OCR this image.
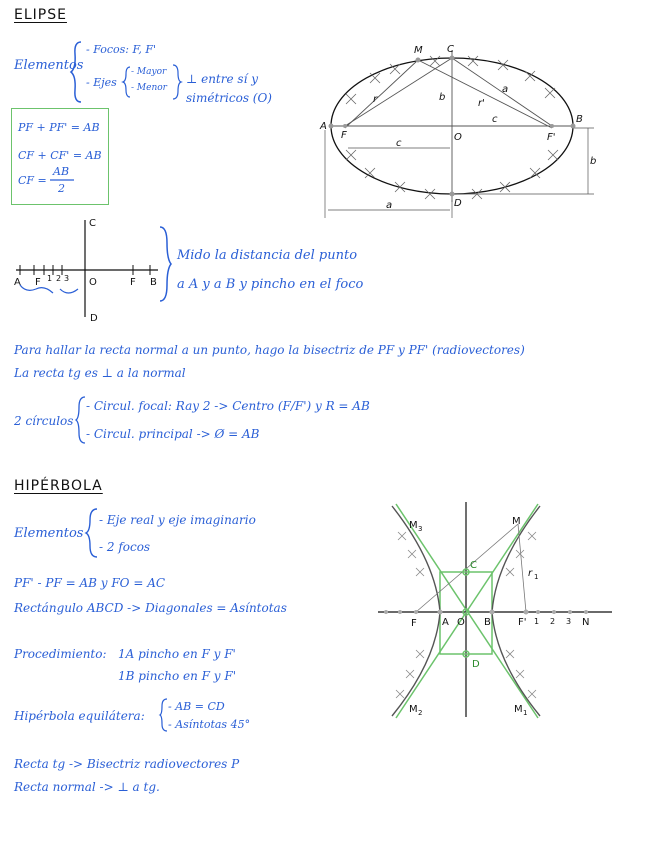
ELIPSE
Elementos
- Focos: F, F'
- Ejes
- Mayor
- Menor
⊥ entre sí y
simétricos (O)
PF + PF' = AB
CF + CF' = AB
CF =
AB
2
M C
A
B
F	F'
O
D
r	r'
a
b
c
c
a
b
C
D
A F 1 2 3 O	F B
Mido la distancia del punto
a A y a B y pincho en el foco
Para hallar la recta normal a un punto, hago la bisectriz de PF y PF' (radiovectores)
La recta tg es ⊥ a la normal
2 círculos
- Circul. focal: Ray 2 -> Centro (F/F') y R = AB
- Circul. principal -> Ø = AB
HIPÉRBOLA
Elementos
- Eje real y eje imaginario
- 2 focos
PF' - PF = AB y FO = AC
Rectángulo ABCD -> Diagonales = Asíntotas
Procedimiento: 1A pincho en F y F'
1B pincho en F y F'
Hipérbola equilátera:
- AB = CD
- Asíntotas 45°
Recta tg -> Bisectriz radiovectores P
Recta normal -> ⊥ a tg.
M 3
M
M 2	M 1
C
D
F	A O B	F' 1 2 3 N
r 1
